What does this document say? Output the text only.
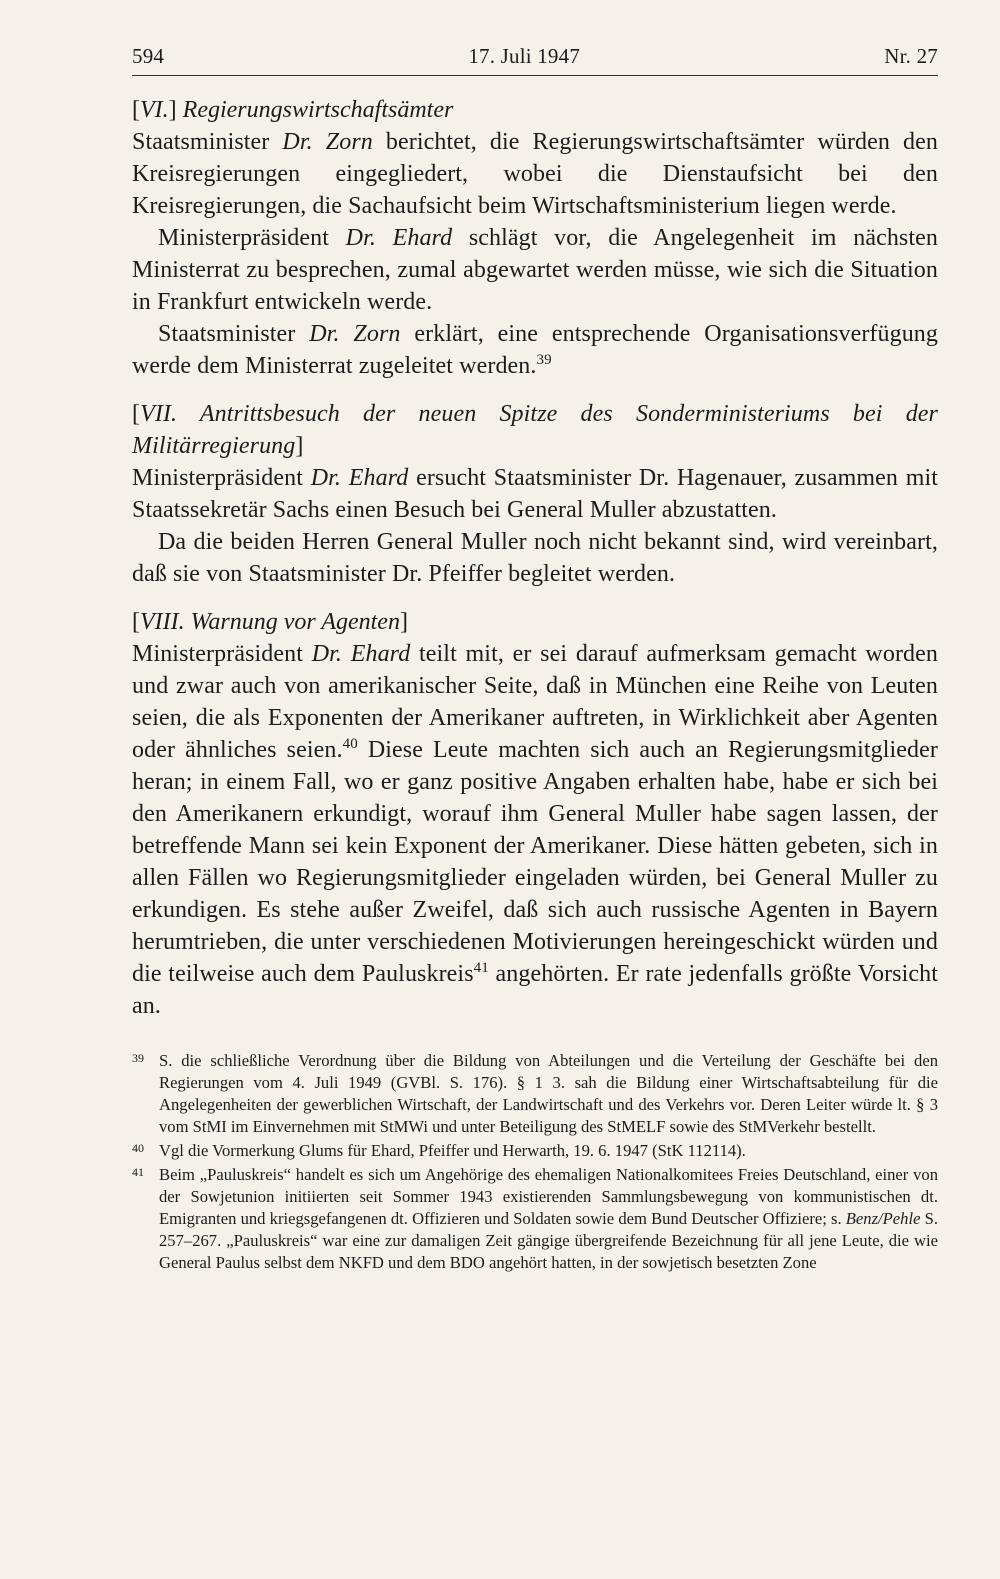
594	17. Juli 1947	Nr. 27

[VI.] Regierungswirtschaftsämter

Staatsminister Dr. Zorn berichtet, die Regierungswirtschaftsämter würden den Kreisregierungen eingegliedert, wobei die Dienstaufsicht bei den Kreisregierungen, die Sachaufsicht beim Wirtschaftsministerium liegen werde.

Ministerpräsident Dr. Ehard schlägt vor, die Angelegenheit im nächsten Ministerrat zu besprechen, zumal abgewartet werden müsse, wie sich die Situation in Frankfurt entwickeln werde.

Staatsminister Dr. Zorn erklärt, eine entsprechende Organisationsverfügung werde dem Ministerrat zugeleitet werden.$^{39}$

[VII. Antrittsbesuch der neuen Spitze des Sonderministeriums bei der Militärregierung]

Ministerpräsident Dr. Ehard ersucht Staatsminister Dr. Hagenauer, zusammen mit Staatssekretär Sachs einen Besuch bei General Muller abzustatten.

Da die beiden Herren General Muller noch nicht bekannt sind, wird vereinbart, daß sie von Staatsminister Dr. Pfeiffer begleitet werden.

[VIII. Warnung vor Agenten]

Ministerpräsident Dr. Ehard teilt mit, er sei darauf aufmerksam gemacht worden und zwar auch von amerikanischer Seite, daß in München eine Reihe von Leuten seien, die als Exponenten der Amerikaner auftreten, in Wirklichkeit aber Agenten oder ähnliches seien.$^{40}$ Diese Leute machten sich auch an Regierungsmitglieder heran; in einem Fall, wo er ganz positive Angaben erhalten habe, habe er sich bei den Amerikanern erkundigt, worauf ihm General Muller habe sagen lassen, der betreffende Mann sei kein Exponent der Amerikaner. Diese hätten gebeten, sich in allen Fällen wo Regierungsmitglieder eingeladen würden, bei General Muller zu erkundigen. Es stehe außer Zweifel, daß sich auch russische Agenten in Bayern herumtrieben, die unter verschiedenen Motivierungen hereingeschickt würden und die teilweise auch dem Pauluskreis$^{41}$ angehörten. Er rate jedenfalls größte Vorsicht an.

39 S. die schließliche Verordnung über die Bildung von Abteilungen und die Verteilung der Geschäfte bei den Regierungen vom 4. Juli 1949 (GVBl. S. 176). § 1 3. sah die Bildung einer Wirtschaftsabteilung für die Angelegenheiten der gewerblichen Wirtschaft, der Landwirtschaft und des Verkehrs vor. Deren Leiter würde lt. § 3 vom StMI im Einvernehmen mit StMWi und unter Beteiligung des StMELF sowie des StMVerkehr bestellt.
40 Vgl die Vormerkung Glums für Ehard, Pfeiffer und Herwarth, 19. 6. 1947 (StK 112114).
41 Beim „Pauluskreis“ handelt es sich um Angehörige des ehemaligen Nationalkomitees Freies Deutschland, einer von der Sowjetunion initiierten seit Sommer 1943 existierenden Sammlungsbewegung von kommunistischen dt. Emigranten und kriegsgefangenen dt. Offizieren und Soldaten sowie dem Bund Deutscher Offiziere; s. Benz/Pehle S. 257–267. „Pauluskreis“ war eine zur damaligen Zeit gängige übergreifende Bezeichnung für all jene Leute, die wie General Paulus selbst dem NKFD und dem BDO angehört hatten, in der sowjetisch besetzten Zone
